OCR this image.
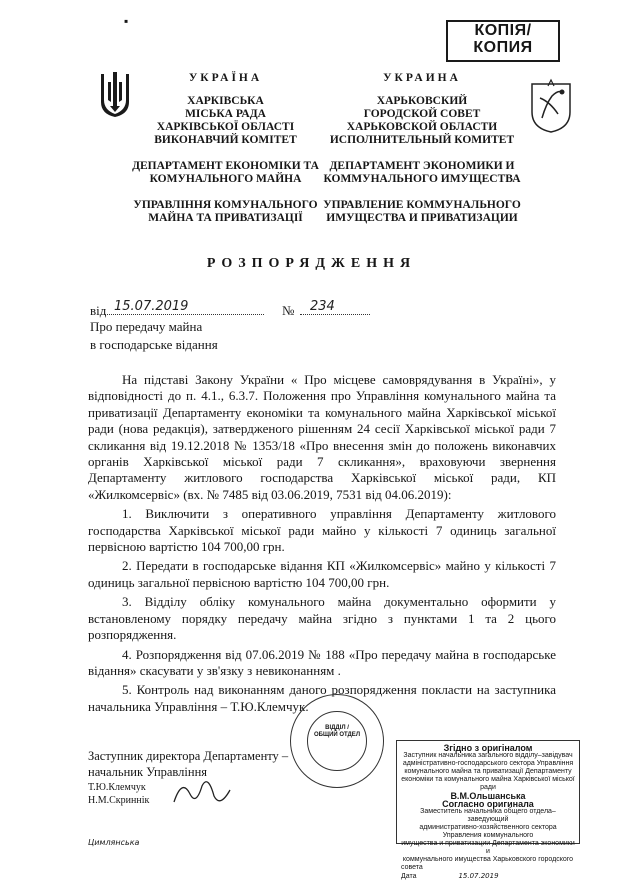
▪
КОПІЯ/
КОПИЯ
УКРАЇНА
ХАРКІВСЬКА
МІСЬКА РАДА
ХАРКІВСЬКОЇ ОБЛАСТІ
ВИКОНАВЧИЙ КОМІТЕТ
ДЕПАРТАМЕНТ ЕКОНОМІКИ ТА
КОМУНАЛЬНОГО МАЙНА
УПРАВЛІННЯ КОМУНАЛЬНОГО
МАЙНА ТА ПРИВАТИЗАЦІЇ
УКРАИНА
ХАРЬКОВСКИЙ
ГОРОДСКОЙ СОВЕТ
ХАРЬКОВСКОЙ ОБЛАСТИ
ИСПОЛНИТЕЛЬНЫЙ КОМИТЕТ
ДЕПАРТАМЕНТ ЭКОНОМИКИ И
КОММУНАЛЬНОГО ИМУЩЕСТВА
УПРАВЛЕНИЕ КОММУНАЛЬНОГО
ИМУЩЕСТВА И ПРИВАТИЗАЦИИ
РОЗПОРЯДЖЕННЯ
від 15.07.2019	№	234
Про передачу майна
в господарське відання

На підставі Закону України « Про місцеве самоврядування в Україні», у відповідності до п. 4.1., 6.3.7. Положення про Управління комунального майна та приватизації Департаменту економіки та комунального майна Харківської міської ради (нова редакція), затвердженого рішенням 24 сесії Харківської міської ради 7 скликання від 19.12.2018 № 1353/18 «Про внесення змін до положень виконавчих органів Харківської міської ради 7 скликання», враховуючи звернення Департаменту житлового господарства Харківської міської ради, КП «Жилкомсервіс» (вх. № 7485 від 03.06.2019, 7531 від 04.06.2019):

1. Виключити з оперативного управління Департаменту житлового господарства Харківської міської ради майно у кількості 7 одиниць загальної первісною вартістю 104 700,00 грн.

2. Передати в господарське відання КП «Жилкомсервіс» майно у кількості 7 одиниць загальної первісною вартістю 104 700,00 грн.

3. Відділу обліку комунального майна документально оформити у встановленому порядку передачу майна згідно з пунктами 1 та 2 цього розпорядження.

4. Розпорядження від 07.06.2019 № 188 «Про передачу майна в господарське відання» скасувати у зв'язку з невиконанням .

5. Контроль над виконанням даного розпорядження покласти на заступника начальника Управління – Т.Ю.Клемчук.

ВІДДІЛ /
ОБЩИЙ ОТДЕЛ
Заступник директора Департаменту –
начальник Управління
Т.Ю.Клемчук
Н.М.Скриннік
Цимлянська
Згідно з оригіналом
Заступник начальника загального відділу–завідувач
адміністративно-господарського сектора Управління
комунального майна та приватизації Департаменту
економіки та комунального майна Харківської міської ради
В.М.Ольшанська
Согласно оригинала
Заместитель начальника общего отдела–заведующий
административно-хозяйственного сектора
Управления коммунального
имущества и приватизации Департамента экономики и
коммунального имущества Харьковского городского
совета
Дата	15.07.2019
